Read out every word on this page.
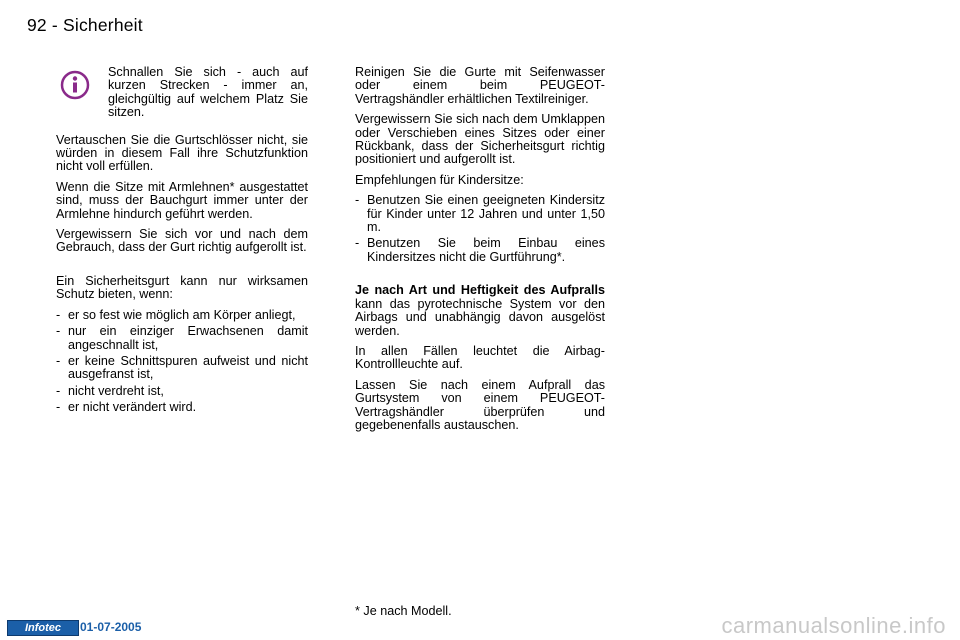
92 - Sicherheit

Schnallen Sie sich - auch auf kurzen Strecken - immer an, gleichgültig auf welchem Platz Sie sitzen.

Vertauschen Sie die Gurtschlösser nicht, sie würden in diesem Fall ihre Schutzfunktion nicht voll erfüllen.

Wenn die Sitze mit Armlehnen* ausgestattet sind, muss der Bauchgurt immer unter der Armlehne hindurch geführt werden.

Vergewissern Sie sich vor und nach dem Gebrauch, dass der Gurt richtig aufgerollt ist.

Ein Sicherheitsgurt kann nur wirksamen Schutz bieten, wenn:

- er so fest wie möglich am Körper anliegt,
- nur ein einziger Erwachsenen damit angeschnallt ist,
- er keine Schnittspuren aufweist und nicht ausgefranst ist,
- nicht verdreht ist,
- er nicht verändert wird.

Reinigen Sie die Gurte mit Seifenwasser oder einem beim PEUGEOT-Vertragshändler erhältlichen Textilreiniger.

Vergewissern Sie sich nach dem Umklappen oder Verschieben eines Sitzes oder einer Rückbank, dass der Sicherheitsgurt richtig positioniert und aufgerollt ist.

Empfehlungen für Kindersitze:

- Benutzen Sie einen geeigneten Kindersitz für Kinder unter 12 Jahren und unter 1,50 m.
- Benutzen Sie beim Einbau eines Kindersitzes nicht die Gurtführung*.

Je nach Art und Heftigkeit des Aufpralls kann das pyrotechnische System vor den Airbags und unabhängig davon ausgelöst werden.

In allen Fällen leuchtet die Airbag-Kontrollleuchte auf.

Lassen Sie nach einem Aufprall das Gurtsystem von einem PEUGEOT-Vertragshändler überprüfen und gegebenenfalls austauschen.

* Je nach Modell.
Infotec	01-07-2005	carmanualsonline.info
